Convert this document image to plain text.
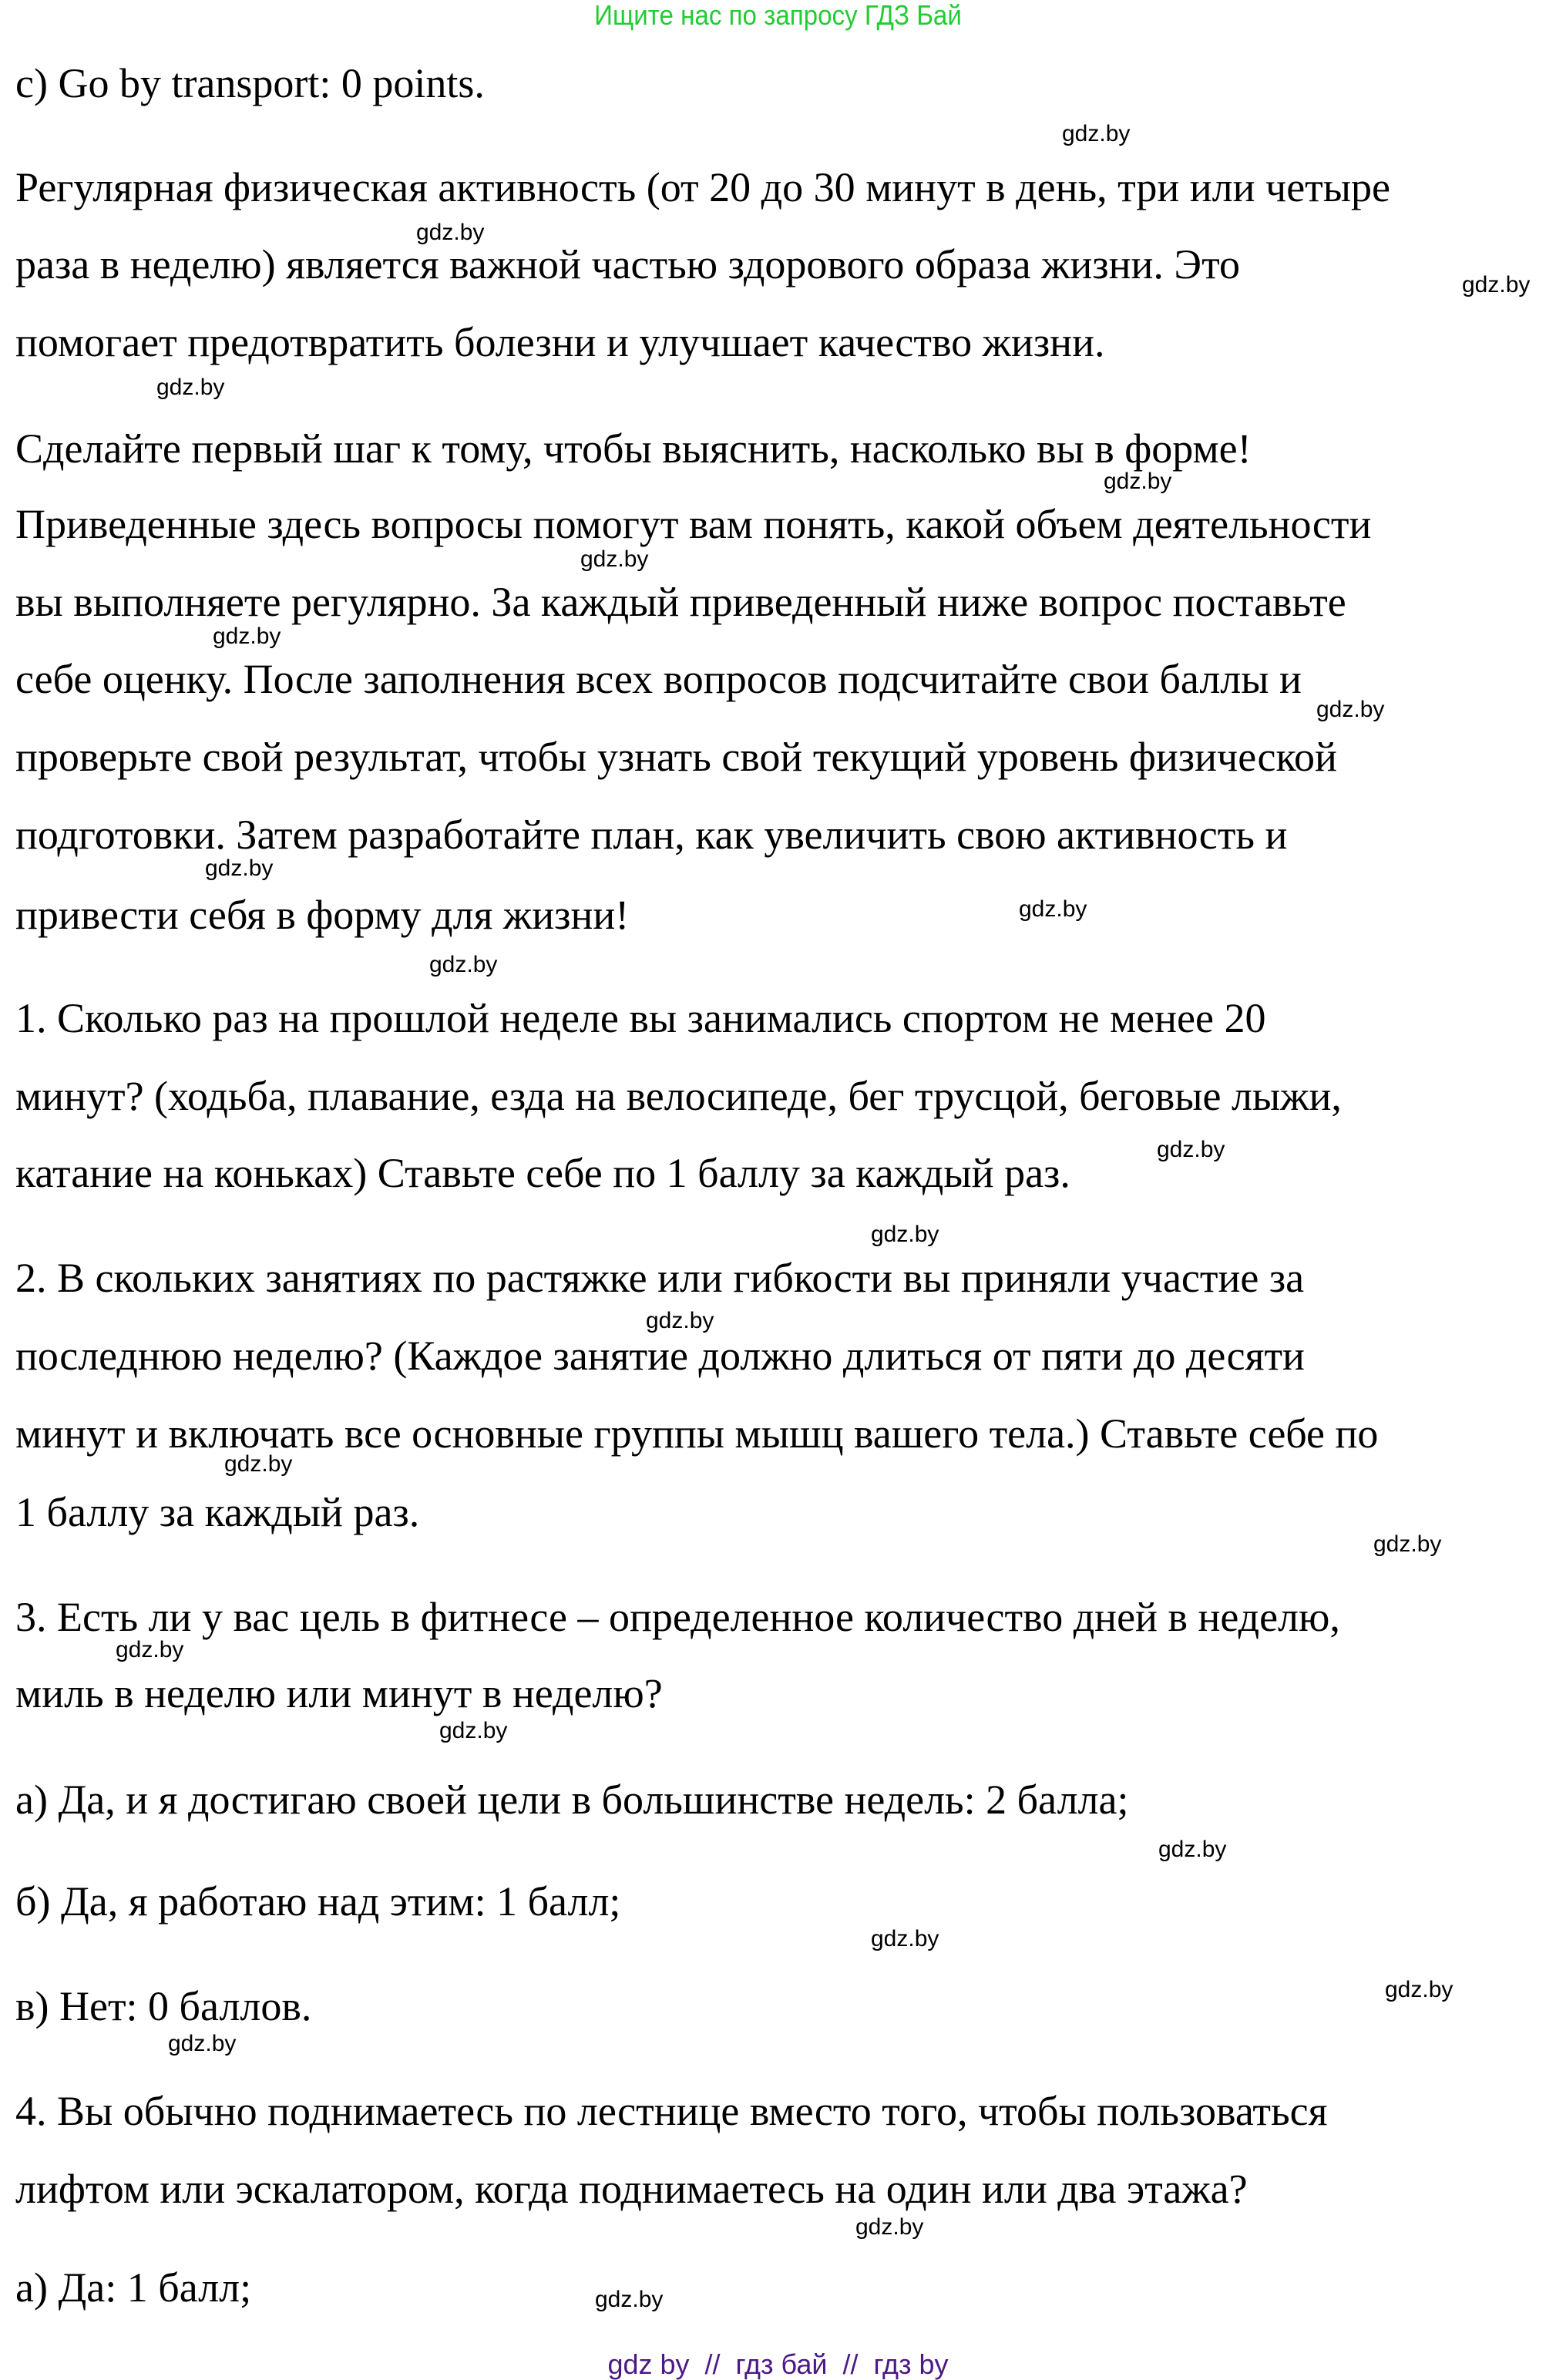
Ищите нас по запросу ГДЗ Бай
c) Go by transport: 0 points.
Регулярная физическая активность (от 20 до 30 минут в день, три или четыре
раза в неделю) является важной частью здорового образа жизни. Это
помогает предотвратить болезни и улучшает качество жизни.
Сделайте первый шаг к тому, чтобы выяснить, насколько вы в форме!
Приведенные здесь вопросы помогут вам понять, какой объем деятельности
вы выполняете регулярно. За каждый приведенный ниже вопрос поставьте
себе оценку. После заполнения всех вопросов подсчитайте свои баллы и
проверьте свой результат, чтобы узнать свой текущий уровень физической
подготовки. Затем разработайте план, как увеличить свою активность и
привести себя в форму для жизни!
1. Сколько раз на прошлой неделе вы занимались спортом не менее 20
минут? (ходьба, плавание, езда на велосипеде, бег трусцой, беговые лыжи,
катание на коньках) Ставьте себе по 1 баллу за каждый раз.
2. В скольких занятиях по растяжке или гибкости вы приняли участие за
последнюю неделю? (Каждое занятие должно длиться от пяти до десяти
минут и включать все основные группы мышц вашего тела.) Ставьте себе по
1 баллу за каждый раз.
3. Есть ли у вас цель в фитнесе – определенное количество дней в неделю,
миль в неделю или минут в неделю?
а) Да, и я достигаю своей цели в большинстве недель: 2 балла;
б) Да, я работаю над этим: 1 балл;
в) Нет: 0 баллов.
4. Вы обычно поднимаетесь по лестнице вместо того, чтобы пользоваться
лифтом или эскалатором, когда поднимаетесь на один или два этажа?
а) Да: 1 балл;
gdz.by
gdz.by
gdz.by
gdz.by
gdz.by
gdz.by
gdz.by
gdz.by
gdz.by
gdz.by
gdz.by
gdz.by
gdz.by
gdz.by
gdz.by
gdz.by
gdz.by
gdz.by
gdz.by
gdz.by
gdz.by
gdz.by
gdz.by
gdz.by
gdz by  //  гдз бай  //  гдз by
